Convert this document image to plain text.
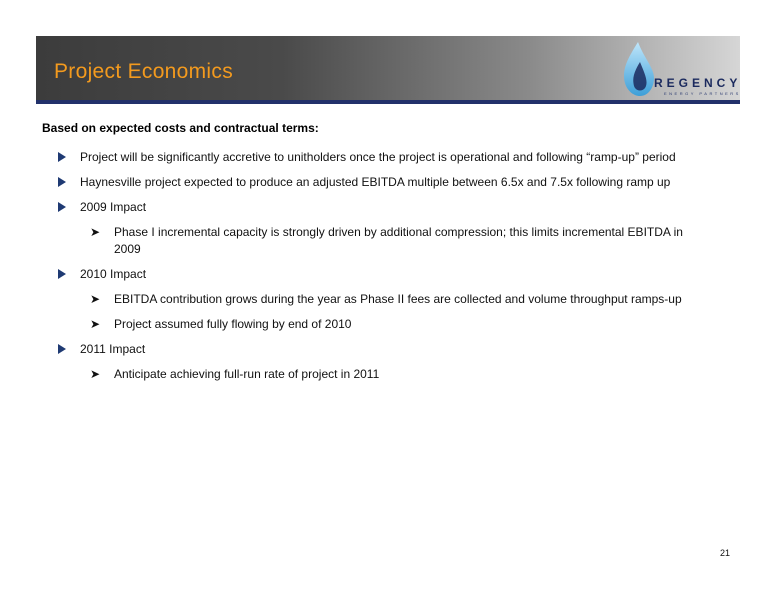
Project Economics	REGENCY
ENERGY PARTNERS
Based on expected costs and contractual terms:
Project will be significantly accretive to unitholders once the project is operational and following “ramp-up” period
Haynesville project expected to produce an adjusted EBITDA multiple between 6.5x and 7.5x following ramp up
2009 Impact
➤ Phase I incremental capacity is strongly driven by additional compression; this limits incremental EBITDA in 2009
2010 Impact
➤ EBITDA contribution grows during the year as Phase II fees are collected and volume throughput ramps-up
➤ Project assumed fully flowing by end of 2010
2011 Impact
➤ Anticipate achieving full-run rate of project in 2011
21
